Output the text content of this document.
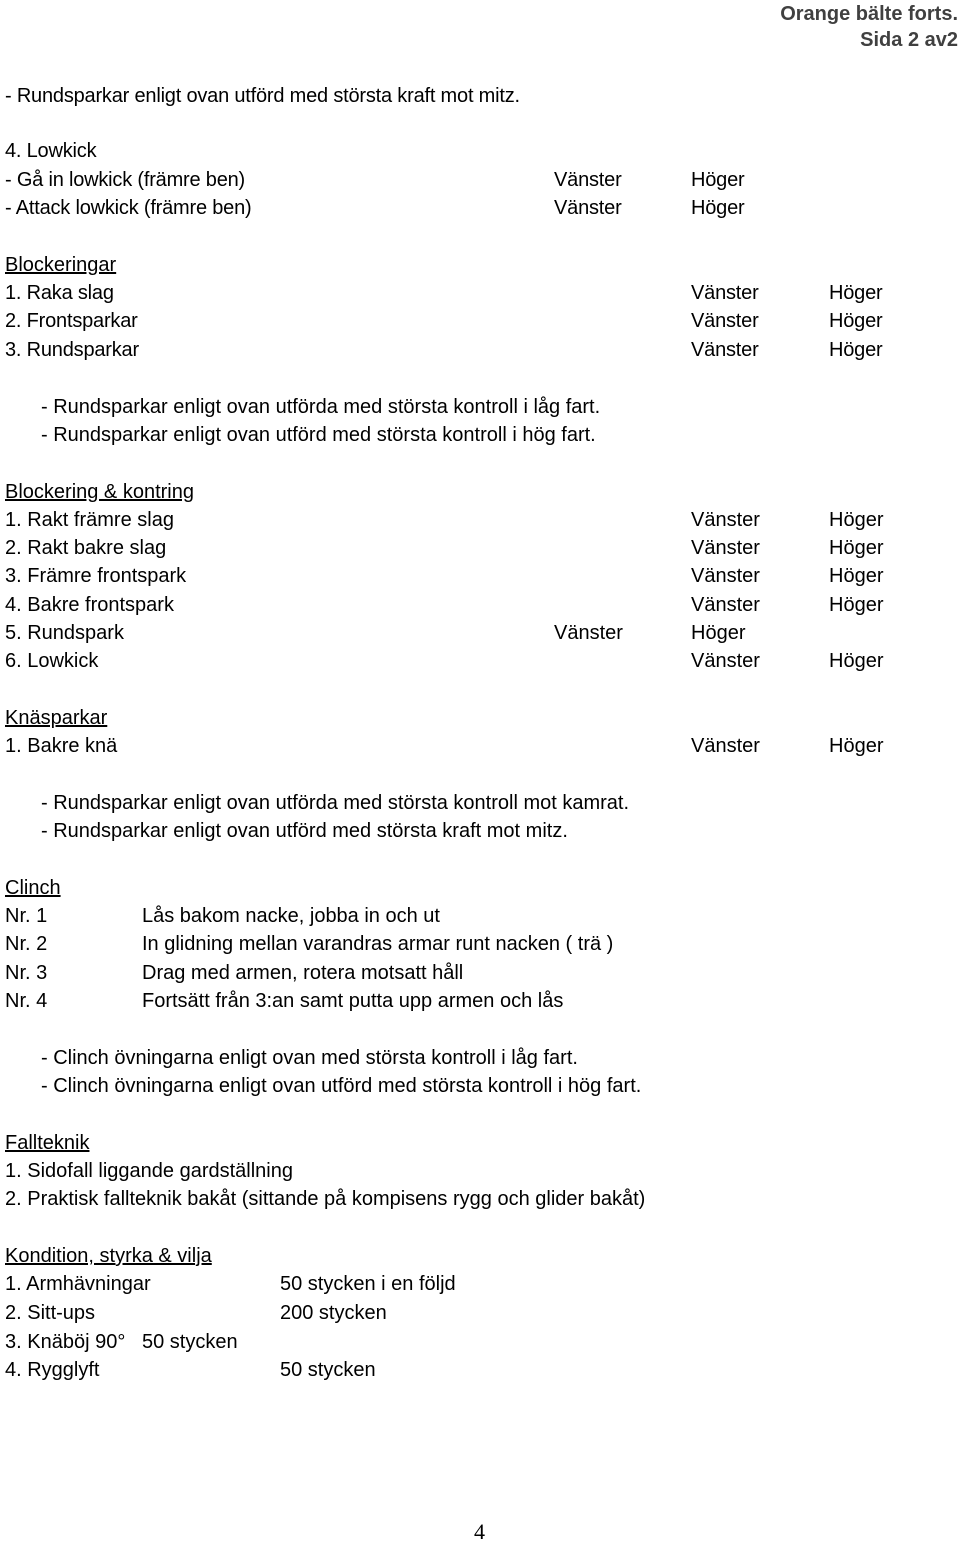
Orange bälte forts.
Sida 2 av2
- Rundsparkar enligt ovan utförd med största kraft mot mitz.
4. Lowkick
- Gå in lowkick (främre ben)	Vänster	Höger
- Attack lowkick (främre ben)	Vänster	Höger
Blockeringar
1. Raka slag	Vänster	Höger
2. Frontsparkar	Vänster	Höger
3. Rundsparkar	Vänster	Höger
- Rundsparkar enligt ovan utförda med största kontroll i låg fart.
- Rundsparkar enligt ovan utförd med största kontroll i hög fart.
Blockering & kontring
1. Rakt främre slag	Vänster	Höger
2. Rakt bakre slag	Vänster	Höger
3. Främre frontspark	Vänster	Höger
4. Bakre frontspark	Vänster	Höger
5. Rundspark	Vänster	Höger
6. Lowkick	Vänster	Höger
Knäsparkar
1. Bakre knä	Vänster	Höger
- Rundsparkar enligt ovan utförda med största kontroll mot kamrat.
- Rundsparkar enligt ovan utförd med största kraft mot mitz.
Clinch
Nr. 1	Lås bakom nacke, jobba in och ut
Nr. 2	In glidning mellan varandras armar runt nacken ( trä )
Nr. 3	Drag med armen, rotera motsatt håll
Nr. 4	Fortsätt från 3:an samt putta upp armen och lås
- Clinch övningarna enligt ovan med största kontroll i låg fart.
- Clinch övningarna enligt ovan utförd med största kontroll i hög fart.
Fallteknik
1. Sidofall liggande gardställning
2. Praktisk fallteknik bakåt (sittande på kompisens rygg och glider bakåt)
Kondition, styrka & vilja
1. Armhävningar	50 stycken i en följd
2. Sitt-ups	200 stycken
3. Knäböj 90° 50 stycken
4. Rygglyft	50 stycken
4
